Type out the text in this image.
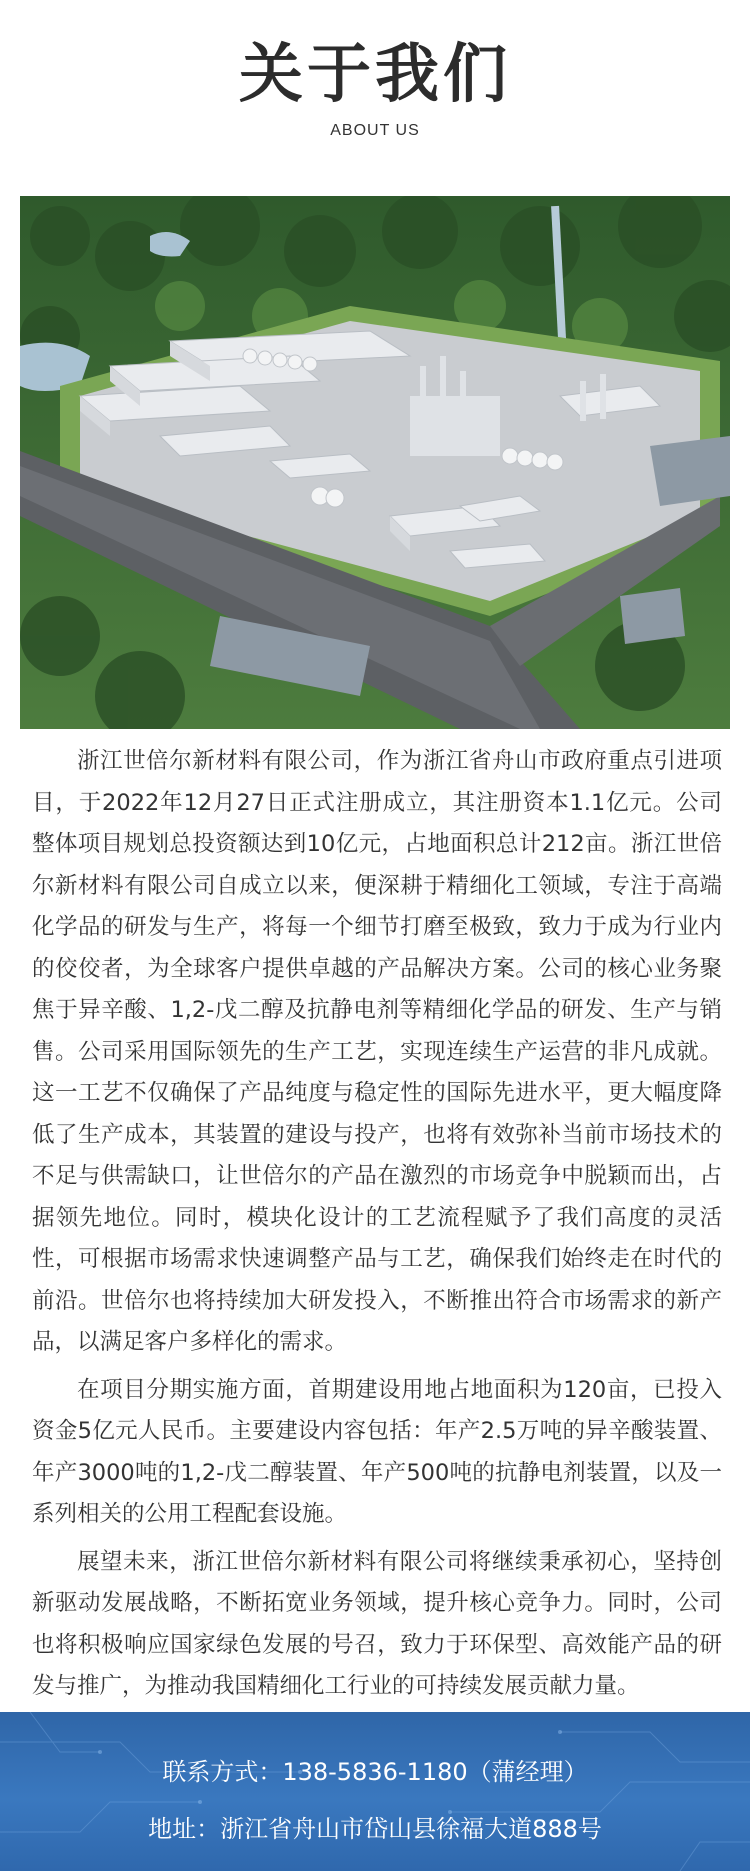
关于我们
ABOUT US

浙江世倍尔新材料有限公司，作为浙江省舟山市政府重点引进项目，于2022年12月27日正式注册成立，其注册资本1.1亿元。公司整体项目规划总投资额达到10亿元，占地面积总计212亩。浙江世倍尔新材料有限公司自成立以来，便深耕于精细化工领域，专注于高端化学品的研发与生产，将每一个细节打磨至极致，致力于成为行业内的佼佼者，为全球客户提供卓越的产品解决方案。公司的核心业务聚焦于异辛酸、1,2-戊二醇及抗静电剂等精细化学品的研发、生产与销售。公司采用国际领先的生产工艺，实现连续生产运营的非凡成就。这一工艺不仅确保了产品纯度与稳定性的国际先进水平，更大幅度降低了生产成本，其装置的建设与投产，也将有效弥补当前市场技术的不足与供需缺口，让世倍尔的产品在激烈的市场竞争中脱颖而出，占据领先地位。同时，模块化设计的工艺流程赋予了我们高度的灵活性，可根据市场需求快速调整产品与工艺，确保我们始终走在时代的前沿。世倍尔也将持续加大研发投入，不断推出符合市场需求的新产品，以满足客户多样化的需求。

在项目分期实施方面，首期建设用地占地面积为120亩，已投入资金5亿元人民币。主要建设内容包括：年产2.5万吨的异辛酸装置、年产3000吨的1,2-戊二醇装置、年产500吨的抗静电剂装置，以及一系列相关的公用工程配套设施。

展望未来，浙江世倍尔新材料有限公司将继续秉承初心，坚持创新驱动发展战略，不断拓宽业务领域，提升核心竞争力。同时，公司也将积极响应国家绿色发展的号召，致力于环保型、高效能产品的研发与推广，为推动我国精细化工行业的可持续发展贡献力量。

联系方式：138-5836-1180（蒲经理）
地址：浙江省舟山市岱山县徐福大道888号
